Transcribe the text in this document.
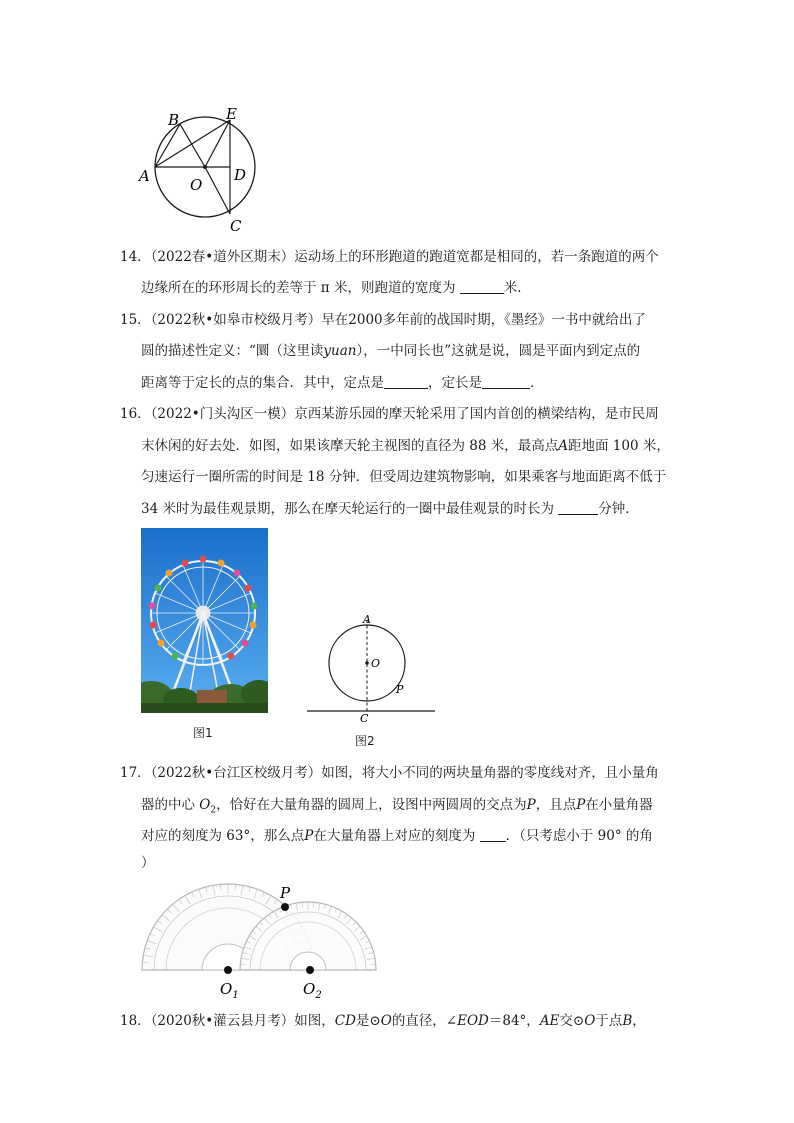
A
B	E
O
D
C
14．（2022春•道外区期末）运动场上的环形跑道的跑道宽都是相同的，若一条跑道的两个
边缘所在的环形周长的差等于 π 米，则跑道的宽度为	米．
15．（2022秋•如皋市校级月考）早在2000多年前的战国时期，《墨经》一书中就给出了
圆的描述性定义：“圜（这里读yuan），一中同长也”这就是说，圆是平面内到定点的
距离等于定长的点的集合．其中，定点是	，定长是	．
16．（2022•门头沟区一模）京西某游乐园的摩天轮采用了国内首创的横梁结构，是市民周
末休闲的好去处．如图，如果该摩天轮主视图的直径为 88 米，最高点A距地面 100 米，
匀速运行一圈所需的时间是 18 分钟．但受周边建筑物影响，如果乘客与地面距离不低于
34 米时为最佳观景期，那么在摩天轮运行的一圈中最佳观景的时长为	分钟．
图1
A
O
P
C
图2
17．（2022秋•台江区校级月考）如图，将大小不同的两块量角器的零度线对齐，且小量角
器的中心 $O_2$，恰好在大量角器的圆周上，设图中两圆周的交点为P，且点P在小量角器
对应的刻度为 63°，那么点P在大量角器上对应的刻度为 ．（只考虑小于 90° 的角
）
P
$O_1$	$O_2$
18．（2020秋•灌云县月考）如图，CD是⊙O的直径，∠EOD＝84°，AE交⊙O于点B，
